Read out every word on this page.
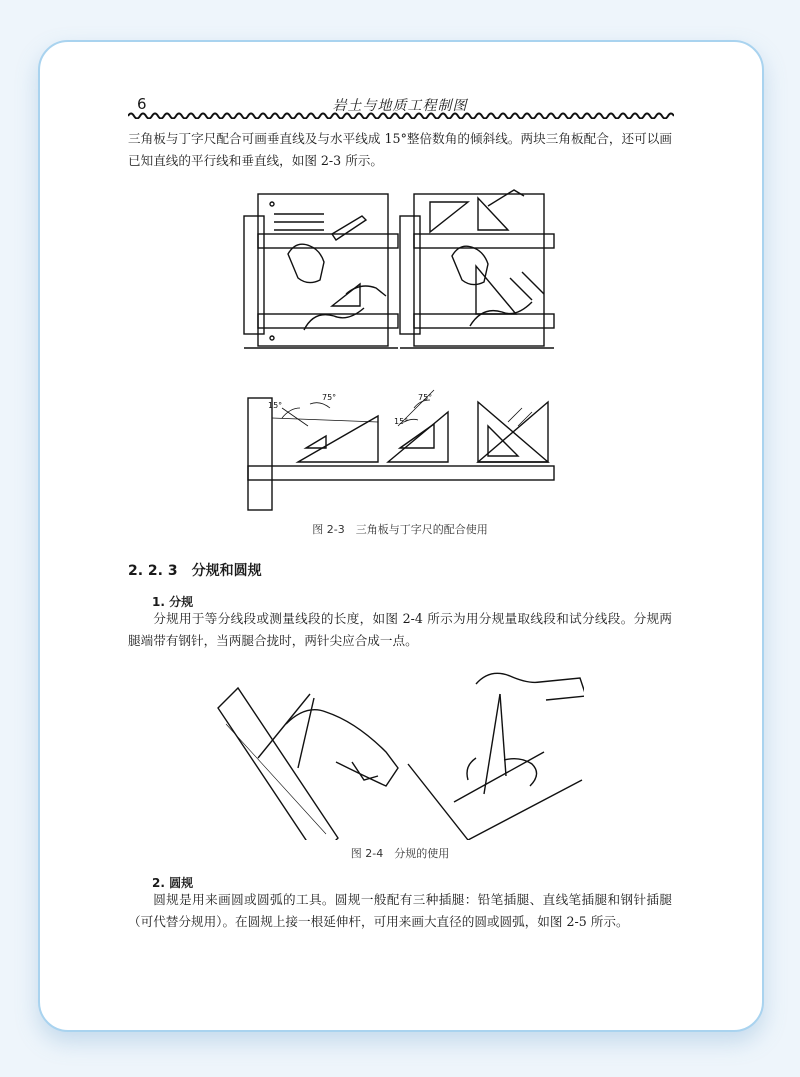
6	岩土与地质工程制图

三角板与丁字尺配合可画垂直线及与水平线成 15°整倍数角的倾斜线。两块三角板配合，还可以画已知直线的平行线和垂直线，如图 2-3 所示。

15°
75°	75°
15°
图 2-3　三角板与丁字尺的配合使用
2. 2. 3　分规和圆规
1. 分规

分规用于等分线段或测量线段的长度，如图 2-4 所示为用分规量取线段和试分线段。分规两腿端带有钢针，当两腿合拢时，两针尖应合成一点。

图 2-4　分规的使用
2. 圆规

圆规是用来画圆或圆弧的工具。圆规一般配有三种插腿：铅笔插腿、直线笔插腿和钢针插腿（可代替分规用）。在圆规上接一根延伸杆，可用来画大直径的圆或圆弧，如图 2-5 所示。
